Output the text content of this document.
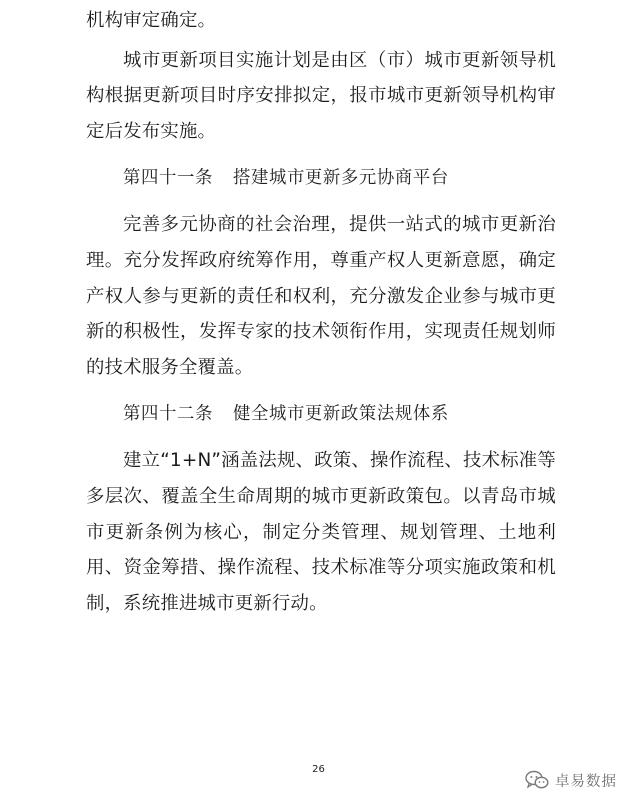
机构审定确定。

城市更新项目实施计划是由区（市）城市更新领导机构根据更新项目时序安排拟定，报市城市更新领导机构审定后发布实施。

第四十一条 搭建城市更新多元协商平台

完善多元协商的社会治理，提供一站式的城市更新治理。充分发挥政府统筹作用，尊重产权人更新意愿，确定产权人参与更新的责任和权利，充分激发企业参与城市更新的积极性，发挥专家的技术领衔作用，实现责任规划师的技术服务全覆盖。

第四十二条 健全城市更新政策法规体系

建立“1+N”涵盖法规、政策、操作流程、技术标准等多层次、覆盖全生命周期的城市更新政策包。以青岛市城市更新条例为核心，制定分类管理、规划管理、土地利用、资金筹措、操作流程、技术标准等分项实施政策和机制，系统推进城市更新行动。

26
卓易数据
